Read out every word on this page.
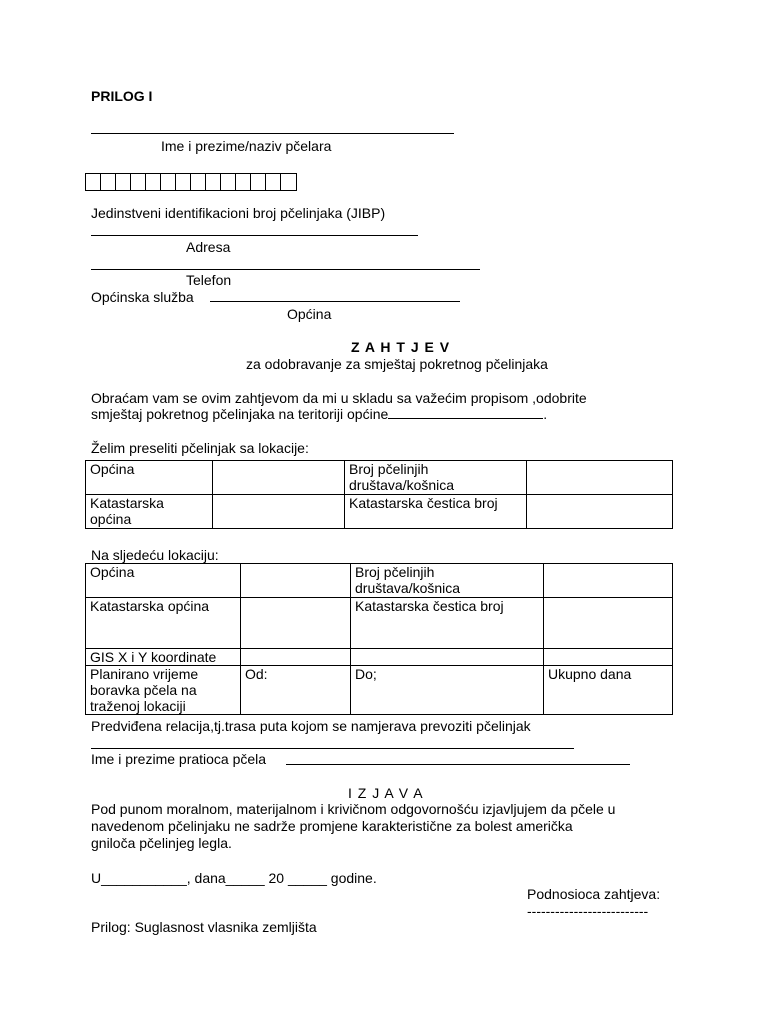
PRILOG I
Ime i prezime/naziv pčelara
Jedinstveni identifikacioni broj pčelinjaka (JIBP)
Adresa
Telefon
Općinska služba
Općina
Z A H T J E V
za odobravanje za smještaj pokretnog pčelinjaka
Obraćam vam se ovim zahtjevom da mi u skladu sa važećim propisom ,odobrite
smještaj pokretnog pčelinjaka na teritoriji općine	.
Želim preseliti pčelinjak sa lokacije:
Općina		Broj pčelinjih
društava/košnica	
Katastarska
općina		Katastarska čestica broj	
Na sljedeću lokaciju:
Općina		Broj pčelinjih
društava/košnica	
Katastarska općina		Katastarska čestica broj	
GIS X i Y koordinate			
Planirano vrijeme
boravka pčela na
traženoj lokaciji	Od:	Do;	Ukupno dana
Predviđena relacija,tj.trasa puta kojom se namjerava prevoziti pčelinjak
Ime i prezime pratioca pčela
I Z J A V A
Pod punom moralnom, materijalnom i krivičnom odgovornošću izjavljujem da pčele u
navedenom pčelinjaku ne sadrže promjene karakteristične za bolest američka
gniloča pčelinjeg legla.
U___________, dana_____ 20 _____ godine.
Podnosioca zahtjeva:
--------------------------
Prilog: Suglasnost vlasnika zemljišta
